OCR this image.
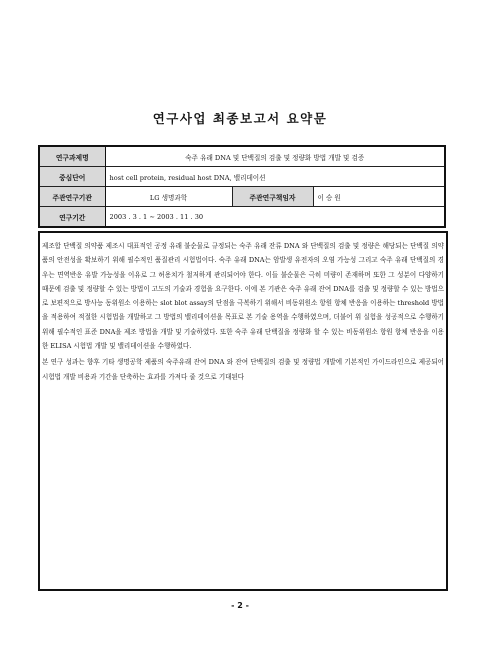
연구사업 최종보고서 요약문
연구과제명	숙주 유래 DNA 및 단백질의 검출 및 정량화 방법 개발 및 검증		
중심단어	host cell protein, residual host DNA, 밸리데이션		
주관연구기관	LG 생명과학	주관연구책임자	이 승 원
연구기간	2003 . 3 . 1 ∼ 2003 . 11 . 30		

제조합 단백질 의약품 제조시 대표적인 공정 유래 불순물로 규정되는 숙주 유래 잔류 DNA 와 단백질의 검출 및 정량은 해당되는 단백질 의약품의 안전성을 확보하기 위해 필수적인 품질관리 시험법이다. 숙주 유래 DNA는 암발생 유전자의 오염 가능성 그리고 숙주 유래 단백질의 경우는 면역반응 유발 가능성을 이유로 그 허용치가 철저하게 관리되어야 한다. 이들 불순물은 극히 미량이 존재하며 또한 그 성분이 다양하기 때문에 검출 및 정량할 수 있는 방법이 고도의 기술과 경험을 요구한다. 이에 본 기관은 숙주 유래 잔여 DNA를 검출 및 정량할 수 있는 방법으로 보편적으로 방사능 동위원소 이용하는 slot blot assay의 단점을 극복하기 위해서 비동위원소 항원 항체 반응을 이용하는 threshold 방법을 적용하여 적절한 시험법을 개발하고 그 방법의 밸리데이션을 목표로 본 기술 용역을 수행하였으며, 더불어 위 실험을 성공적으로 수행하기 위해 필수적인 표준 DNA을 제조 방법을 개발 및 기술하였다. 또한 숙주 유래 단백질을 정량화 할 수 있는 비동위원소 항원 항체 반응을 이용한 ELISA 시험법 개발 및 밸리데이션을 수행하였다.

본 연구 성과는 향후 기타 생명공학 제품의 숙주유래 잔여 DNA 와 잔여 단백질의 검출 및 정량법 개발에 기본적인 가이드라인으로 제공되어 시험법 개발 비용과 기간을 단축하는 효과를 가져다 줄 것으로 기대된다

- 2 -
